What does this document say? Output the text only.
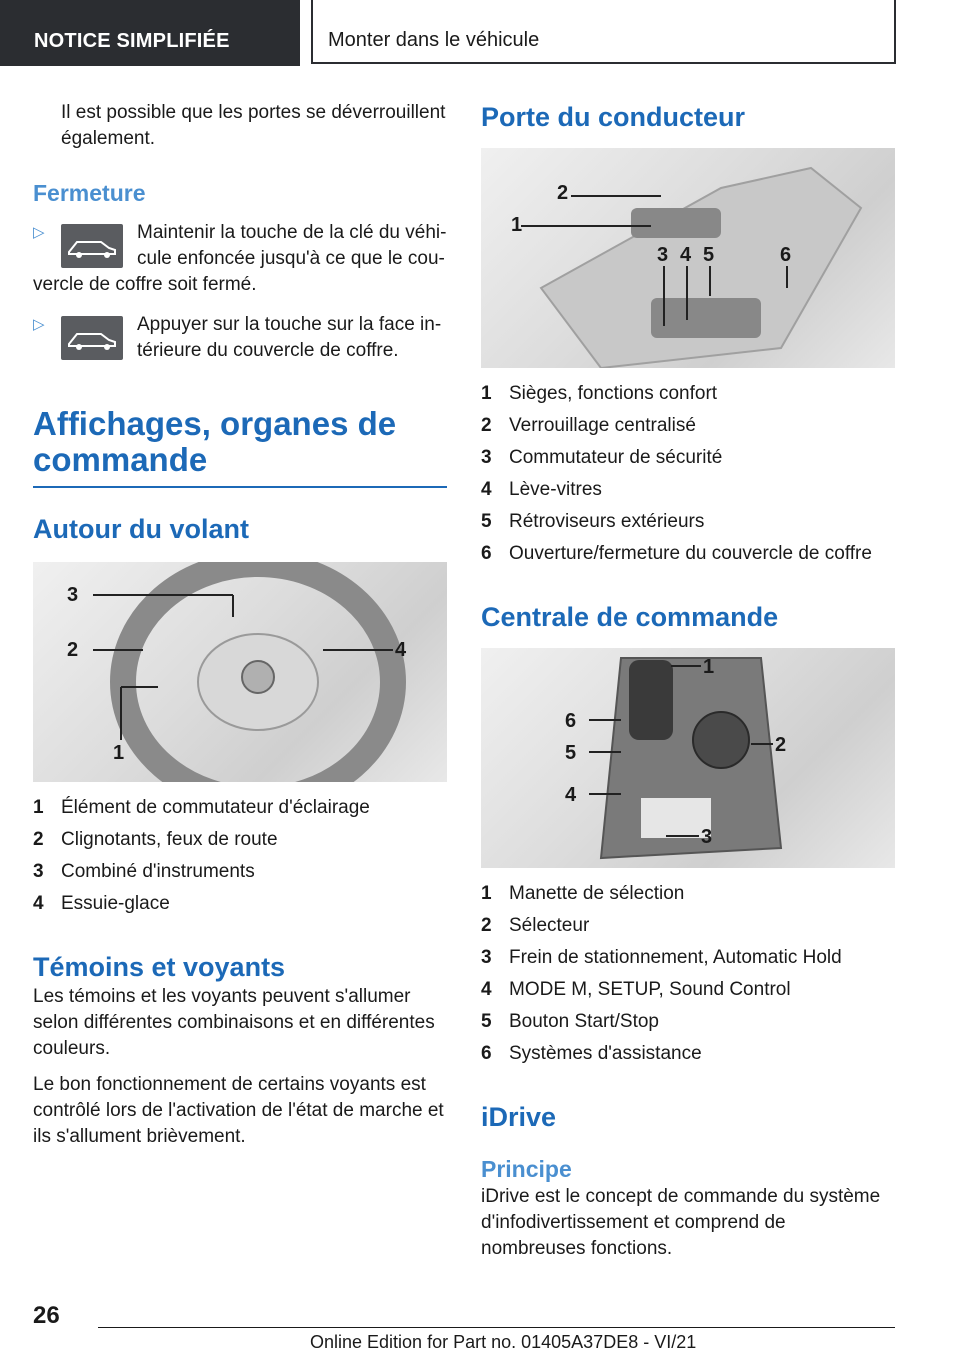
NOTICE SIMPLIFIÉE	Monter dans le véhicule

Il est possible que les portes se déverrouillent également.

Fermeture
▷	Maintenir la touche de la clé du véhi-
cule enfoncée jusqu'à ce que le cou-

vercle de coffre soit fermé.
▷	Appuyer sur la touche sur la face in-
térieure du couvercle de coffre.
Affichages, organes de
commande
Autour du volant
3
2	4
1
1 Élément de commutateur d'éclairage
2 Clignotants, feux de route
3 Combiné d'instruments
4 Essuie-glace
Témoins et voyants

Les témoins et les voyants peuvent s'allumer selon différentes combinaisons et en différentes couleurs.

Le bon fonctionnement de certains voyants est contrôlé lors de l'activation de l'état de marche et ils s'allument brièvement.

Porte du conducteur
1
2
3 4 5	6
1 Sièges, fonctions confort
2 Verrouillage centralisé
3 Commutateur de sécurité
4 Lève-vitres
5 Rétroviseurs extérieurs
6 Ouverture/fermeture du couvercle de coffre
Centrale de commande
1
2
3
4
5
6
1 Manette de sélection
2 Sélecteur
3 Frein de stationnement, Automatic Hold
4 MODE M, SETUP, Sound Control
5 Bouton Start/Stop
6 Systèmes d'assistance
iDrive
Principe

iDrive est le concept de commande du système d'infodivertissement et comprend de nombreuses fonctions.

26
Online Edition for Part no. 01405A37DE8 - VI/21
